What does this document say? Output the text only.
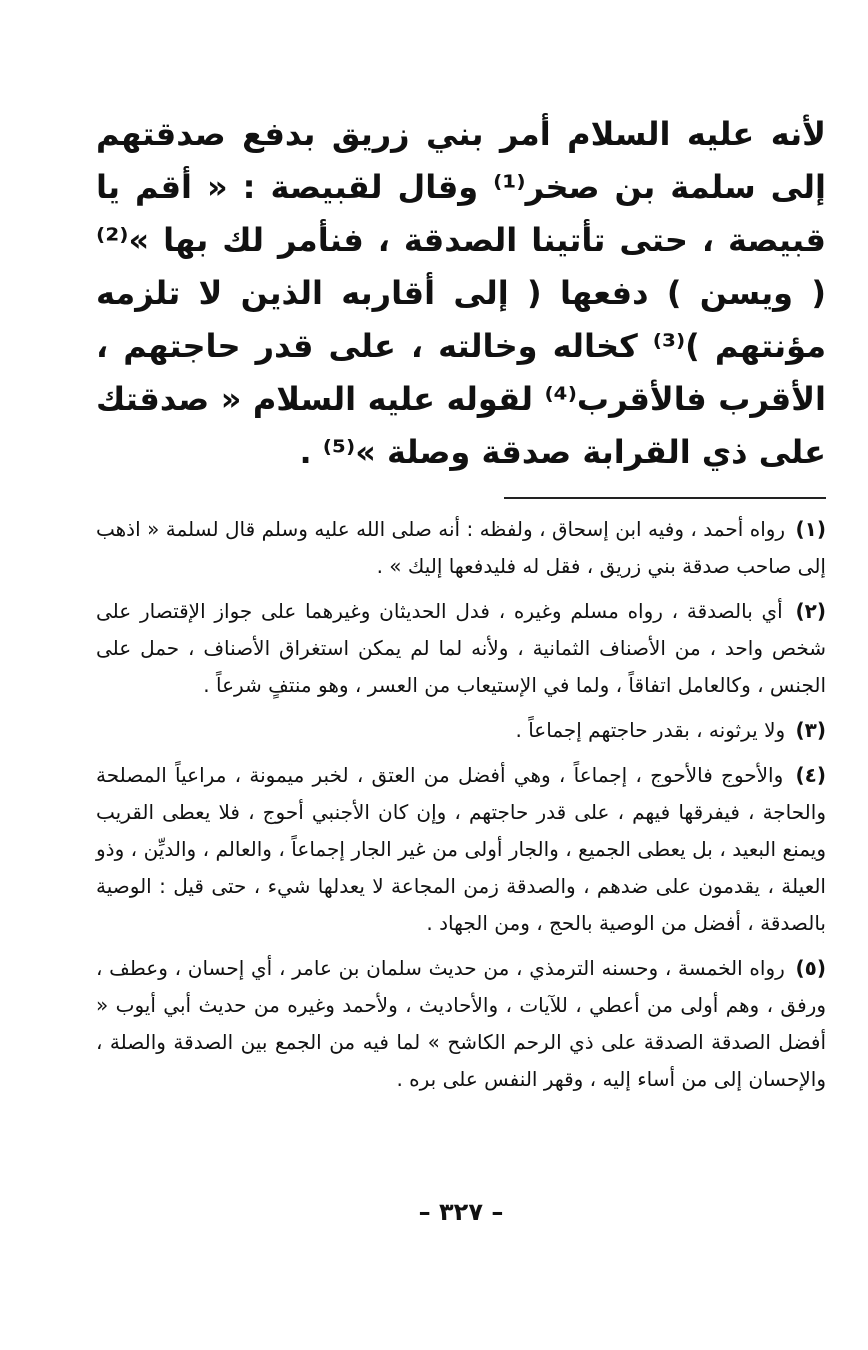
لأنه عليه السلام أمر بني زريق بدفع صدقتهم إلى سلمة بن صخر⁽¹⁾ وقال لقبيصة : « أقم يا قبيصة ، حتى تأتينا الصدقة ، فنأمر لك بها »⁽²⁾ ( ويسن ) دفعها ( إلى أقاربه الذين لا تلزمه مؤنتهم )⁽³⁾ كخاله وخالته ، على قدر حاجتهم ، الأقرب فالأقرب⁽⁴⁾ لقوله عليه السلام « صدقتك على ذي القرابة صدقة وصلة »⁽⁵⁾ .

(١) رواه أحمد ، وفيه ابن إسحاق ، ولفظه : أنه صلى الله عليه وسلم قال لسلمة « اذهب إلى صاحب صدقة بني زريق ، فقل له فليدفعها إليك » .

(٢) أي بالصدقة ، رواه مسلم وغيره ، فدل الحديثان وغيرهما على جواز الإقتصار على شخص واحد ، من الأصناف الثمانية ، ولأنه لما لم يمكن استغراق الأصناف ، حمل على الجنس ، وكالعامل اتفاقاً ، ولما في الإستيعاب من العسر ، وهو منتفٍ شرعاً .

(٣) ولا يرثونه ، بقدر حاجتهم إجماعاً .

(٤) والأحوج فالأحوج ، إجماعاً ، وهي أفضل من العتق ، لخبر ميمونة ، مراعياً المصلحة والحاجة ، فيفرقها فيهم ، على قدر حاجتهم ، وإن كان الأجنبي أحوج ، فلا يعطى القريب ويمنع البعيد ، بل يعطى الجميع ، والجار أولى من غير الجار إجماعاً ، والعالم ، والديِّن ، وذو العيلة ، يقدمون على ضدهم ، والصدقة زمن المجاعة لا يعدلها شيء ، حتى قيل : الوصية بالصدقة ، أفضل من الوصية بالحج ، ومن الجهاد .

(٥) رواه الخمسة ، وحسنه الترمذي ، من حديث سلمان بن عامر ، أي إحسان ، وعطف ، ورفق ، وهم أولى من أعطي ، للآيات ، والأحاديث ، ولأحمد وغيره من حديث أبي أيوب « أفضل الصدقة الصدقة على ذي الرحم الكاشح » لما فيه من الجمع بين الصدقة والصلة ، والإحسان إلى من أساء إليه ، وقهر النفس على بره .

– ٣٢٧ –
